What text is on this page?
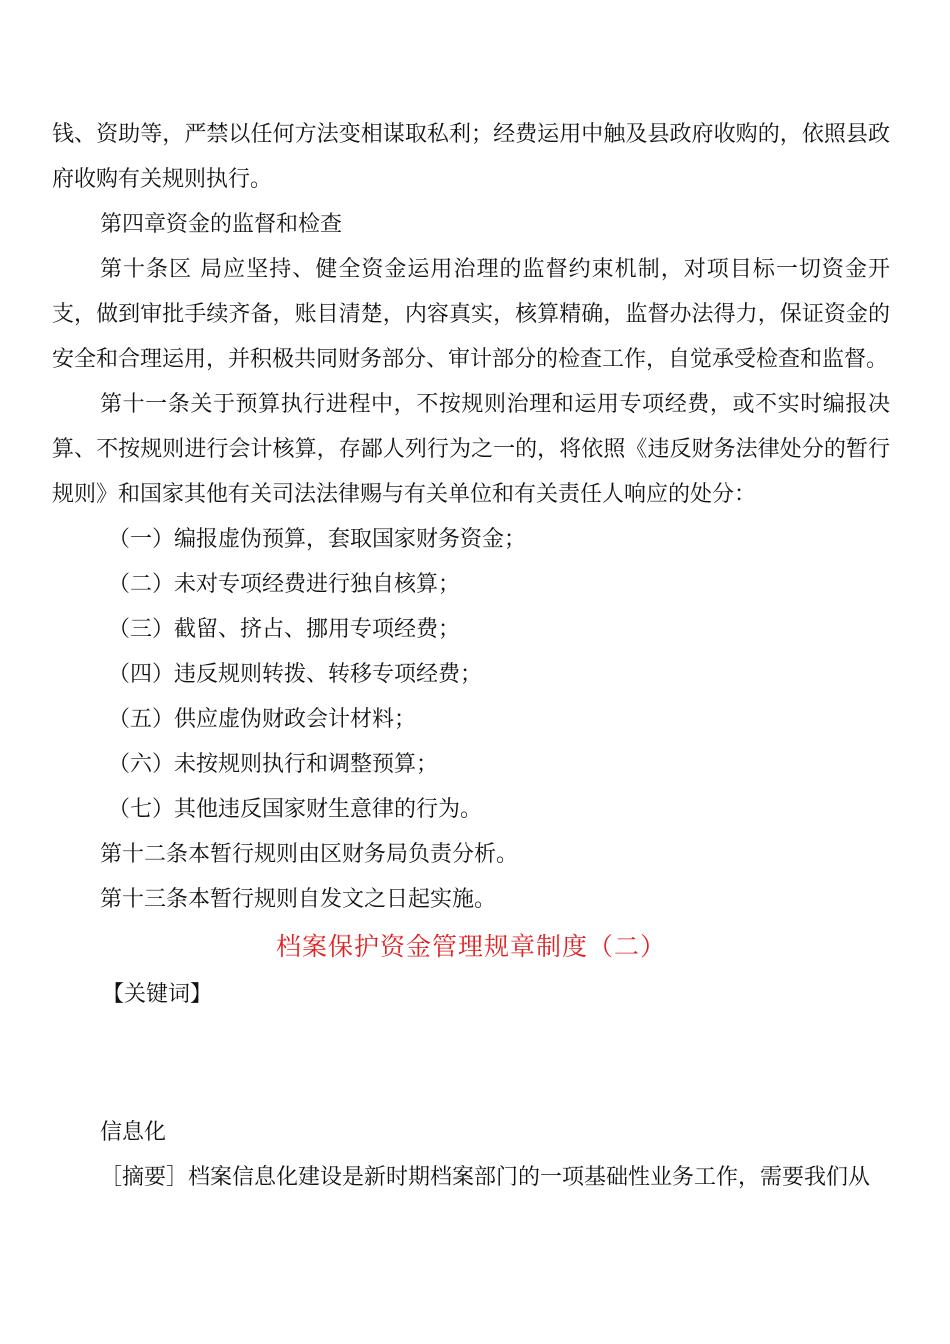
钱、资助等，严禁以任何方法变相谋取私利；经费运用中触及县政府收购的，依照县政府收购有关规则执行。

第四章资金的监督和检查

第十条区 局应坚持、健全资金运用治理的监督约束机制，对项目标一切资金开支，做到审批手续齐备，账目清楚，内容真实，核算精确，监督办法得力，保证资金的安全和合理运用，并积极共同财务部分、审计部分的检查工作，自觉承受检查和监督。

第十一条关于预算执行进程中，不按规则治理和运用专项经费，或不实时编报决算、不按规则进行会计核算，存鄙人列行为之一的，将依照《违反财务法律处分的暂行规则》和国家其他有关司法法律赐与有关单位和有关责任人响应的处分：

（一）编报虚伪预算，套取国家财务资金；

（二）未对专项经费进行独自核算；

（三）截留、挤占、挪用专项经费；

（四）违反规则转拨、转移专项经费；

（五）供应虚伪财政会计材料；

（六）未按规则执行和调整预算；

（七）其他违反国家财生意律的行为。

第十二条本暂行规则由区财务局负责分析。

第十三条本暂行规则自发文之日起实施。

档案保护资金管理规章制度（二）

【关键词】

信息化

［摘要］档案信息化建设是新时期档案部门的一项基础性业务工作，需要我们从
